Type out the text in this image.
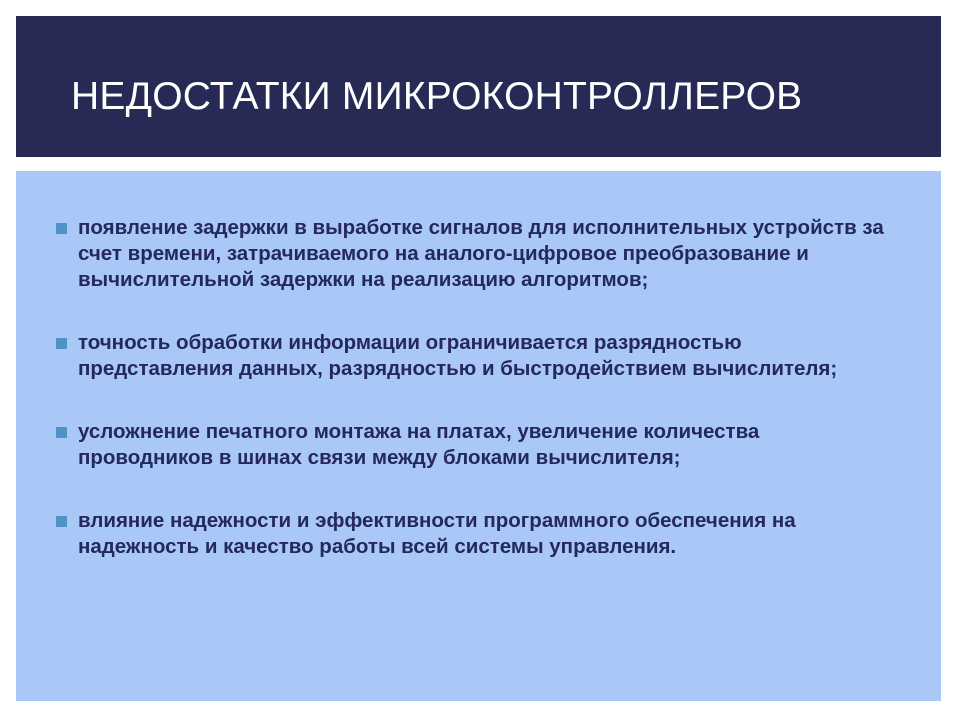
НЕДОСТАТКИ МИКРОКОНТРОЛЛЕРОВ
появление задержки в выработке сигналов для исполнительных устройств за счет времени, затрачиваемого на аналого-цифровое преобразование и вычислительной задержки на реализацию алгоритмов;
точность обработки информации ограничивается разрядностью представления данных, разрядностью и быстродействием вычислителя;
усложнение печатного монтажа на платах, увеличение количества проводников в шинах связи между блоками вычислителя;
влияние надежности и эффективности программного обеспечения на надежность и качество работы всей системы управления.
